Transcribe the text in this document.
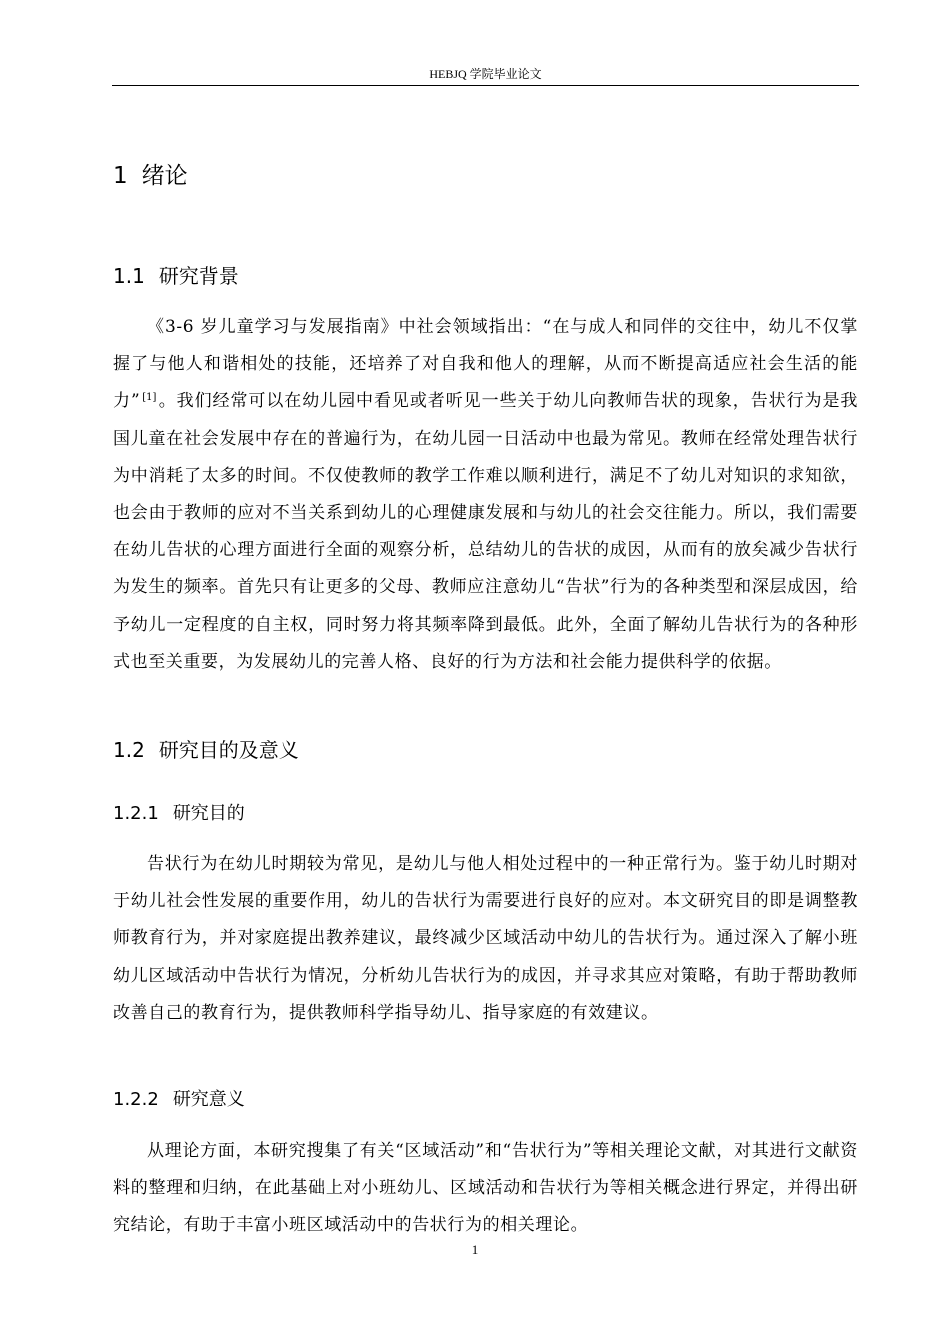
HEBJQ 学院毕业论文
1 绪论
1.1 研究背景
《3-6 岁儿童学习与发展指南》中社会领域指出：“在与成人和同伴的交往中，幼儿不仅掌握了与他人和谐相处的技能，还培养了对自我和他人的理解，从而不断提高适应社会生活的能力” [1] 。我们经常可以在幼儿园中看见或者听见一些关于幼儿向教师告状的现象，告状行为是我国儿童在社会发展中存在的普遍行为，在幼儿园一日活动中也最为常见。教师在经常处理告状行为中消耗了太多的时间。不仅使教师的教学工作难以顺利进行，满足不了幼儿对知识的求知欲，也会由于教师的应对不当关系到幼儿的心理健康发展和与幼儿的社会交往能力。所以，我们需要在幼儿告状的心理方面进行全面的观察分析，总结幼儿的告状的成因，从而有的放矣减少告状行为发生的频率。首先只有让更多的父母、教师应注意幼儿“告状”行为的各种类型和深层成因，给予幼儿一定程度的自主权，同时努力将其频率降到最低。此外，全面了解幼儿告状行为的各种形式也至关重要，为发展幼儿的完善人格、良好的行为方法和社会能力提供科学的依据。
1.2 研究目的及意义
1.2.1 研究目的
告状行为在幼儿时期较为常见，是幼儿与他人相处过程中的一种正常行为。鉴于幼儿时期对于幼儿社会性发展的重要作用，幼儿的告状行为需要进行良好的应对。本文研究目的即是调整教师教育行为，并对家庭提出教养建议，最终减少区域活动中幼儿的告状行为。通过深入了解小班幼儿区域活动中告状行为情况，分析幼儿告状行为的成因，并寻求其应对策略，有助于帮助教师改善自己的教育行为，提供教师科学指导幼儿、指导家庭的有效建议。
1.2.2 研究意义
从理论方面，本研究搜集了有关“区域活动”和“告状行为”等相关理论文献，对其进行文献资料的整理和归纳，在此基础上对小班幼儿、区域活动和告状行为等相关概念进行界定，并得出研究结论，有助于丰富小班区域活动中的告状行为的相关理论。
1
